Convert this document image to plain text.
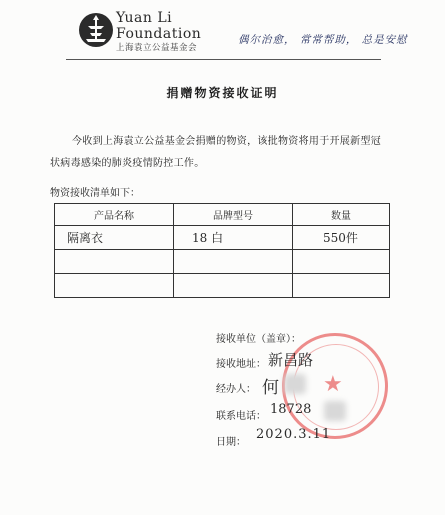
Yuan Li
Foundation
上海袁立公益基金会
偶尔治愈， 常常帮助， 总是安慰
捐赠物资接收证明
今收到上海袁立公益基金会捐赠的物资，该批物资将用于开展新型冠状病毒感染的肺炎疫情防控工作。
物资接收清单如下：
产品名称	品牌型号	数量
隔离衣	18 白	550件

★
接收单位（盖章）：
接收地址： 新昌路
经办人： 何
联系电话： 18728
日期：
2020.3.11
